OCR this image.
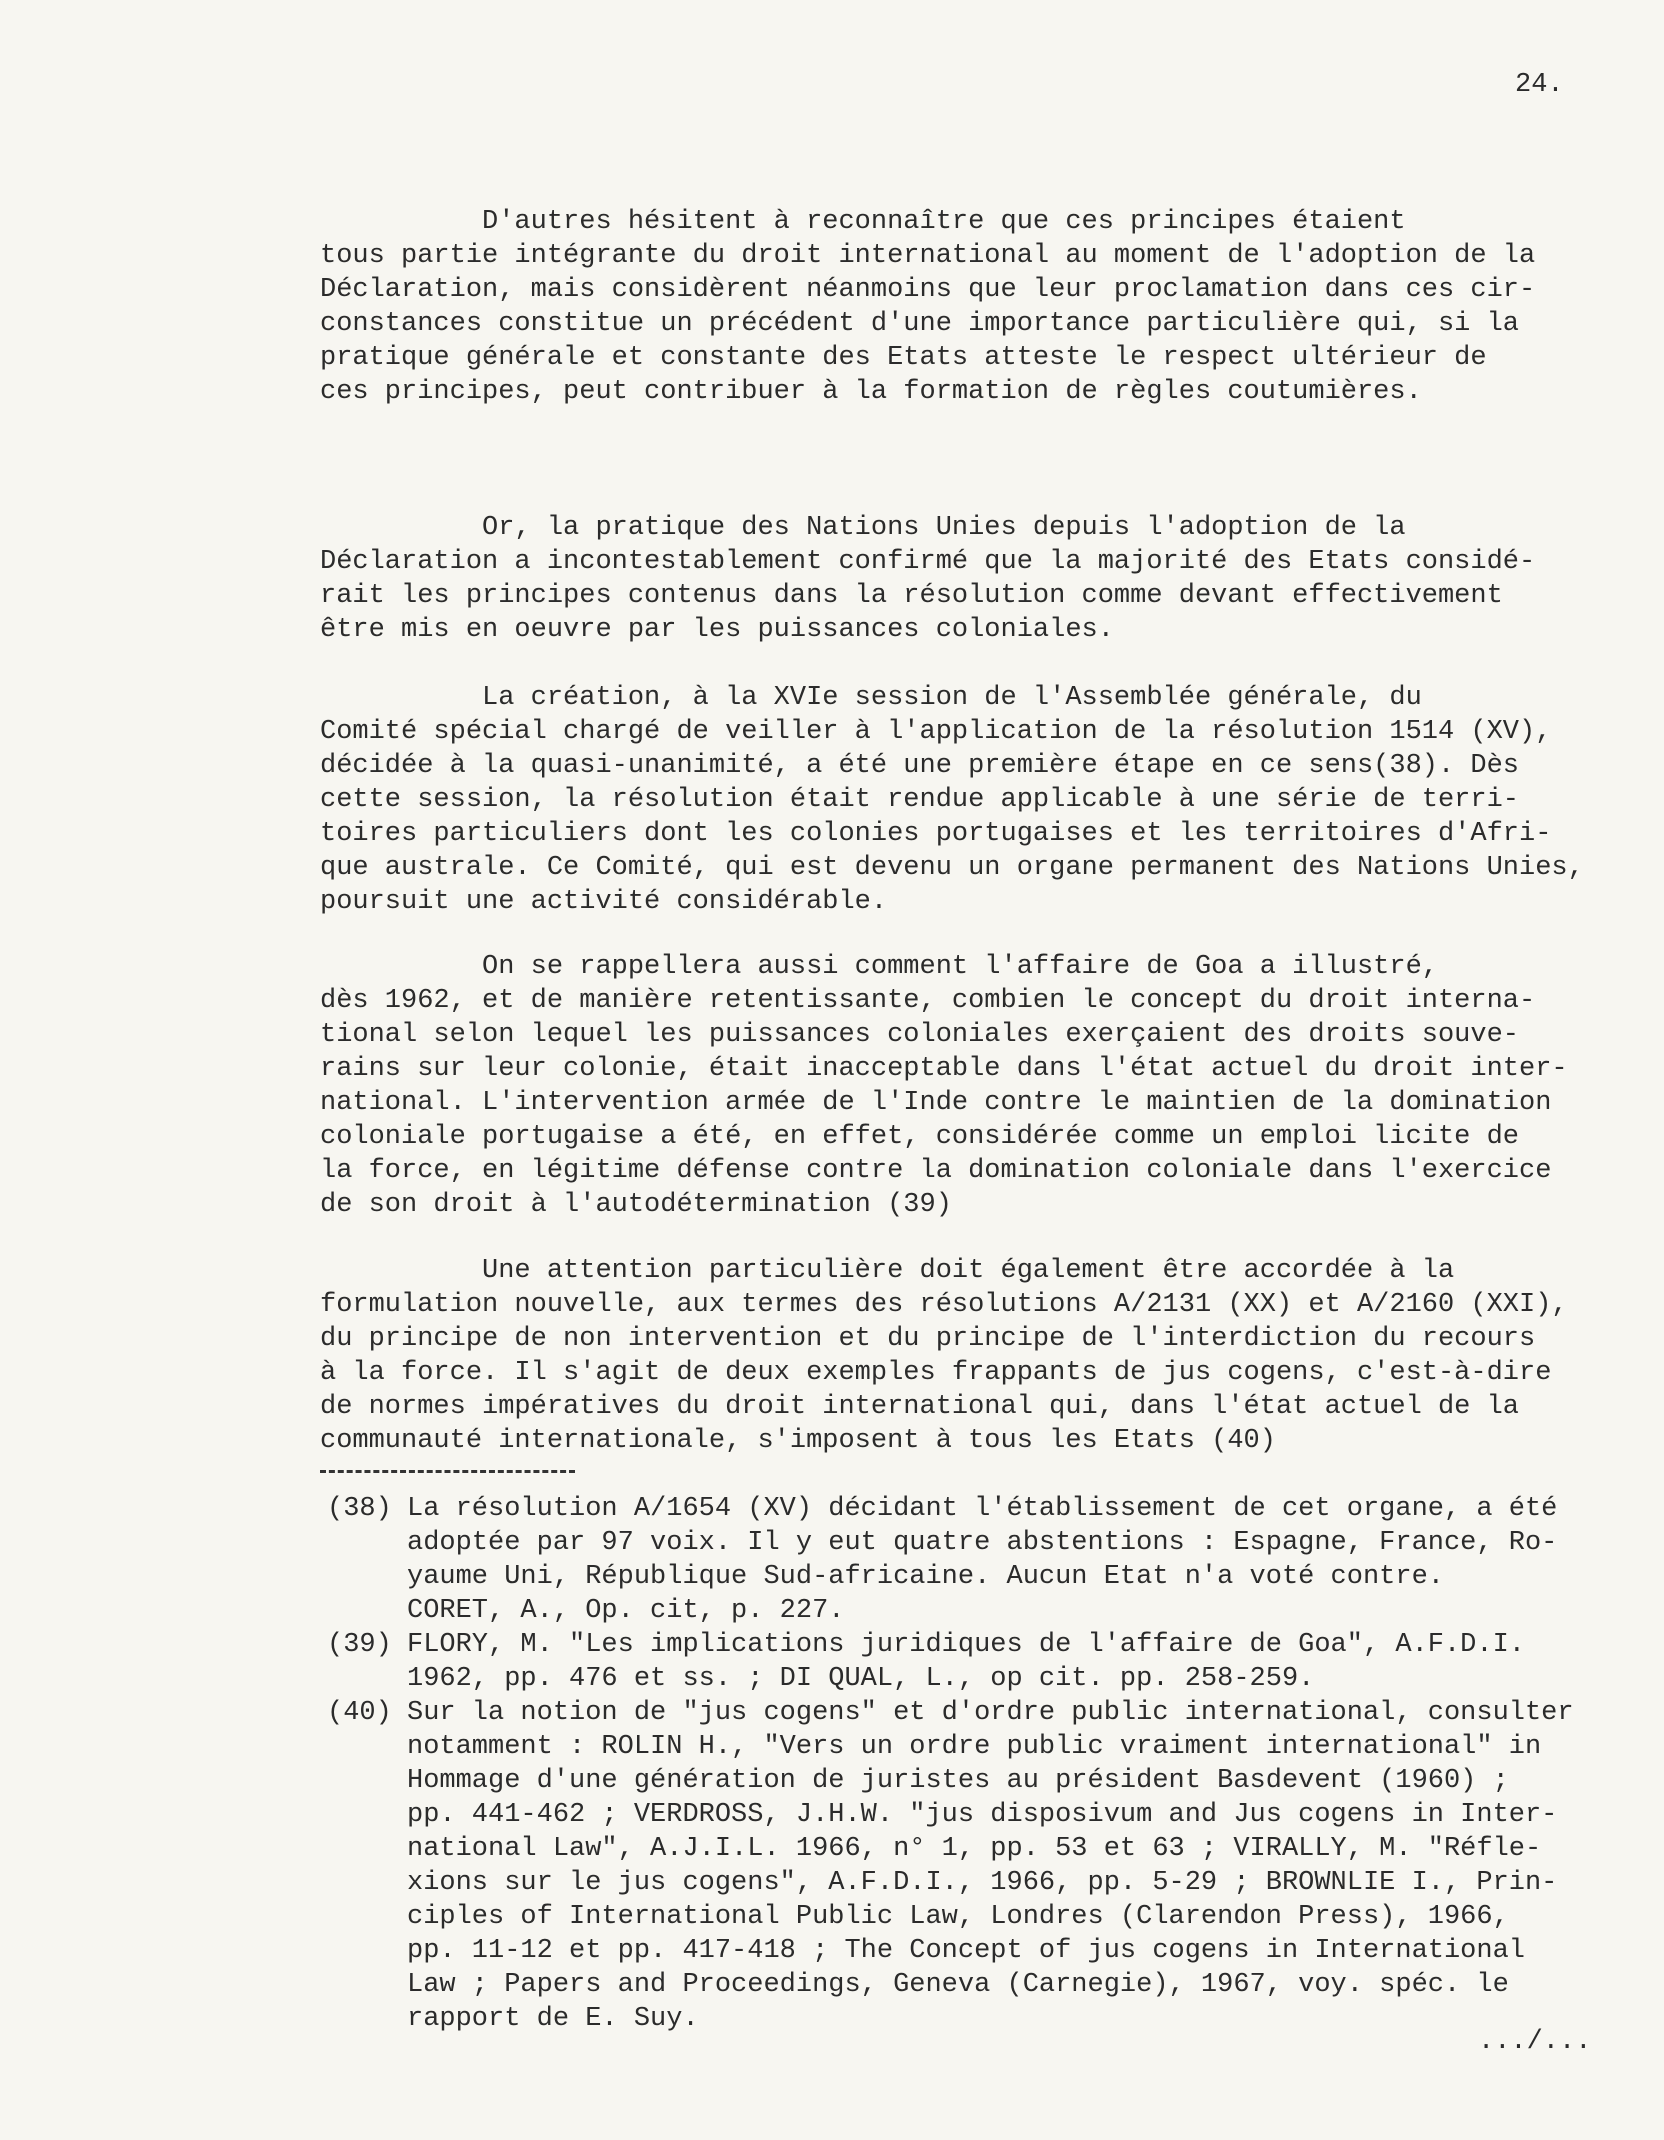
24.
D'autres hésitent à reconnaître que ces principes étaient
tous partie intégrante du droit international au moment de l'adoption de la
Déclaration, mais considèrent néanmoins que leur proclamation dans ces cir-
constances constitue un précédent d'une importance particulière qui, si la
pratique générale et constante des Etats atteste le respect ultérieur de
ces principes, peut contribuer à la formation de règles coutumières.

Or, la pratique des Nations Unies depuis l'adoption de la
Déclaration a incontestablement confirmé que la majorité des Etats considé-
rait les principes contenus dans la résolution comme devant effectivement
être mis en oeuvre par les puissances coloniales.
La création, à la XVIe session de l'Assemblée générale, du
Comité spécial chargé de veiller à l'application de la résolution 1514 (XV),
décidée à la quasi-unanimité, a été une première étape en ce sens(38). Dès
cette session, la résolution était rendue applicable à une série de terri-
toires particuliers dont les colonies portugaises et les territoires d'Afri-
que australe. Ce Comité, qui est devenu un organe permanent des Nations Unies,
poursuit une activité considérable.
On se rappellera aussi comment l'affaire de Goa a illustré,
dès 1962, et de manière retentissante, combien le concept du droit interna-
tional selon lequel les puissances coloniales exerçaient des droits souve-
rains sur leur colonie, était inacceptable dans l'état actuel du droit inter-
national. L'intervention armée de l'Inde contre le maintien de la domination
coloniale portugaise a été, en effet, considérée comme un emploi licite de
la force, en légitime défense contre la domination coloniale dans l'exercice
de son droit à l'autodétermination (39)
Une attention particulière doit également être accordée à la
formulation nouvelle, aux termes des résolutions A/2131 (XX) et A/2160 (XXI),
du principe de non intervention et du principe de l'interdiction du recours
à la force. Il s'agit de deux exemples frappants de jus cogens, c'est-à-dire
de normes impératives du droit international qui, dans l'état actuel de la
communauté internationale, s'imposent à tous les Etats (40)
(38) La résolution A/1654 (XV) décidant l'établissement de cet organe, a été
adoptée par 97 voix. Il y eut quatre abstentions : Espagne, France, Ro-
yaume Uni, République Sud-africaine. Aucun Etat n'a voté contre.
CORET, A., Op. cit, p. 227.
(39) FLORY, M. "Les implications juridiques de l'affaire de Goa", A.F.D.I.
1962, pp. 476 et ss. ; DI QUAL, L., op cit. pp. 258-259.
(40) Sur la notion de "jus cogens" et d'ordre public international, consulter
notamment : ROLIN H., "Vers un ordre public vraiment international" in
Hommage d'une génération de juristes au président Basdevent (1960) ;
pp. 441-462 ; VERDROSS, J.H.W. "jus disposivum and Jus cogens in Inter-
national Law", A.J.I.L. 1966, n° 1, pp. 53 et 63 ; VIRALLY, M. "Réfle-
xions sur le jus cogens", A.F.D.I., 1966, pp. 5-29 ; BROWNLIE I., Prin-
ciples of International Public Law, Londres (Clarendon Press), 1966,
pp. 11-12 et pp. 417-418 ; The Concept of jus cogens in International
Law ; Papers and Proceedings, Geneva (Carnegie), 1967, voy. spéc. le
rapport de E. Suy.
.../...
